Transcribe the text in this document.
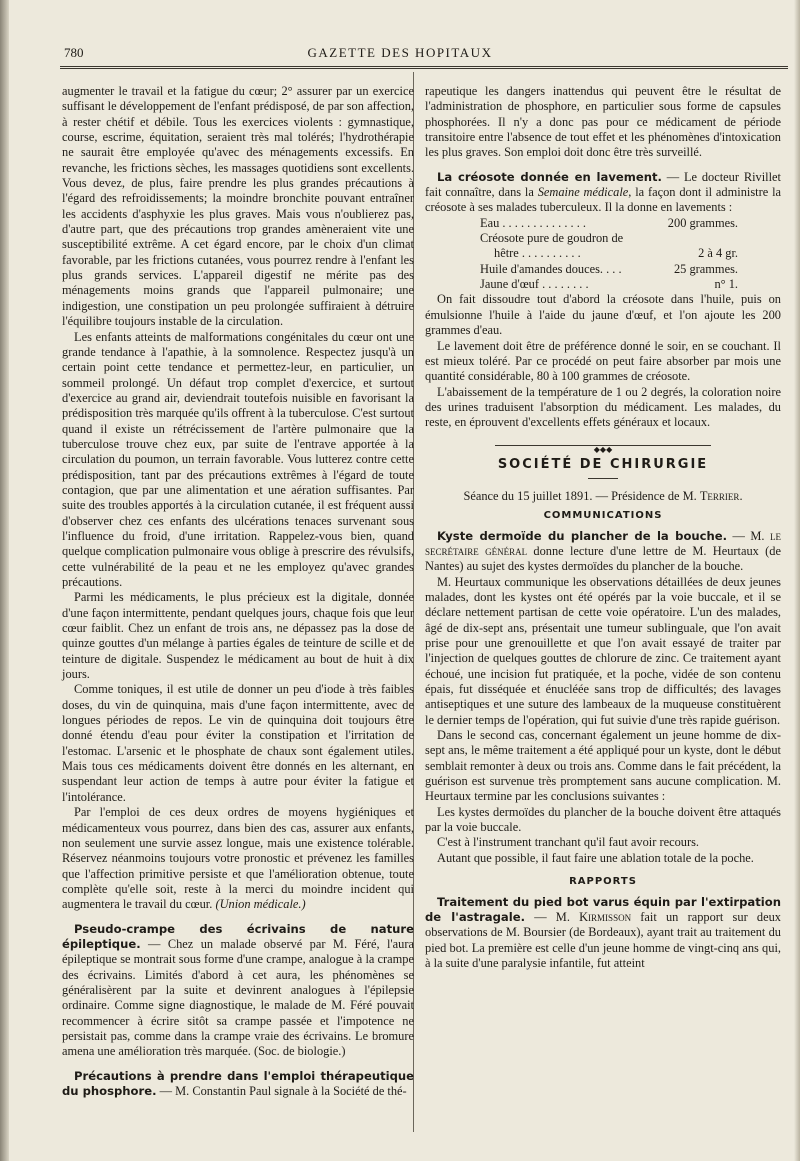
780	GAZETTE DES HOPITAUX

augmenter le travail et la fatigue du cœur; 2° assurer par un exercice suffisant le développement de l'enfant prédisposé, de par son affection, à rester chétif et débile. Tous les exercices violents : gymnastique, course, escrime, équitation, seraient très mal tolérés; l'hydrothérapie ne saurait être employée qu'avec des ménagements excessifs. En revanche, les frictions sèches, les massages quotidiens sont excellents. Vous devez, de plus, faire prendre les plus grandes précautions à l'égard des refroidissements; la moindre bronchite pouvant entraîner les accidents d'asphyxie les plus graves. Mais vous n'oublierez pas, d'autre part, que des précautions trop grandes amèneraient vite une susceptibilité extrême. A cet égard encore, par le choix d'un climat favorable, par les frictions cutanées, vous pourrez rendre à l'enfant les plus grands services. L'appareil digestif ne mérite pas des ménagements moins grands que l'appareil pulmonaire; une indigestion, une constipation un peu prolongée suffiraient à détruire l'équilibre toujours instable de la circulation.

Les enfants atteints de malformations congénitales du cœur ont une grande tendance à l'apathie, à la somnolence. Respectez jusqu'à un certain point cette tendance et permettez-leur, en particulier, un sommeil prolongé. Un défaut trop complet d'exercice, et surtout d'exercice au grand air, deviendrait toutefois nuisible en favorisant la prédisposition très marquée qu'ils offrent à la tuberculose. C'est surtout quand il existe un rétrécissement de l'artère pulmonaire que la tuberculose trouve chez eux, par suite de l'entrave apportée à la circulation du poumon, un terrain favorable. Vous lutterez contre cette prédisposition, tant par des précautions extrêmes à l'égard de toute contagion, que par une alimentation et une aération suffisantes. Par suite des troubles apportés à la circulation cutanée, il est fréquent aussi d'observer chez ces enfants des ulcérations tenaces survenant sous l'influence du froid, d'une irritation. Rappelez-vous bien, quand quelque complication pulmonaire vous oblige à prescrire des révulsifs, cette vulnérabilité de la peau et ne les employez qu'avec grandes précautions.

Parmi les médicaments, le plus précieux est la digitale, donnée d'une façon intermittente, pendant quelques jours, chaque fois que leur cœur faiblit. Chez un enfant de trois ans, ne dépassez pas la dose de quinze gouttes d'un mélange à parties égales de teinture de scille et de teinture de digitale. Suspendez le médicament au bout de huit à dix jours.

Comme toniques, il est utile de donner un peu d'iode à très faibles doses, du vin de quinquina, mais d'une façon intermittente, avec de longues périodes de repos. Le vin de quinquina doit toujours être donné étendu d'eau pour éviter la constipation et l'irritation de l'estomac. L'arsenic et le phosphate de chaux sont également utiles. Mais tous ces médicaments doivent être donnés en les alternant, en suspendant leur action de temps à autre pour éviter la fatigue et l'intolérance.

Par l'emploi de ces deux ordres de moyens hygiéniques et médicamenteux vous pourrez, dans bien des cas, assurer aux enfants, non seulement une survie assez longue, mais une existence tolérable. Réservez néanmoins toujours votre pronostic et prévenez les familles que l'affection primitive persiste et que l'amélioration obtenue, toute complète qu'elle soit, reste à la merci du moindre incident qui augmentera le travail du cœur. (Union médicale.)

Pseudo-crampe des écrivains de nature épileptique. — Chez un malade observé par M. Féré, l'aura épileptique se montrait sous forme d'une crampe, analogue à la crampe des écrivains. Limités d'abord à cet aura, les phénomènes se généralisèrent par la suite et devinrent analogues à l'épilepsie ordinaire. Comme signe diagnostique, le malade de M. Féré pouvait recommencer à écrire sitôt sa crampe passée et l'impotence ne persistait pas, comme dans la crampe vraie des écrivains. Le bromure amena une amélioration très marquée. (Soc. de biologie.)

Précautions à prendre dans l'emploi thérapeutique du phosphore. — M. Constantin Paul signale à la Société de thé-

rapeutique les dangers inattendus qui peuvent être le résultat de l'administration de phosphore, en particulier sous forme de capsules phosphorées. Il n'y a donc pas pour ce médicament de période transitoire entre l'absence de tout effet et les phénomènes d'intoxication les plus graves. Son emploi doit donc être très surveillé.

La créosote donnée en lavement. — Le docteur Rivillet fait connaître, dans la Semaine médicale, la façon dont il administre la créosote à ses malades tuberculeux. Il la donne en lavements :

Eau . . . . . . . . . . . . . .	200 grammes.
Créosote pure de goudron de
hêtre . . . . . . . . . .	2 à 4 gr.
Huile d'amandes douces. . . .	25 grammes.
Jaune d'œuf . . . . . . . .	n° 1.

On fait dissoudre tout d'abord la créosote dans l'huile, puis on émulsionne l'huile à l'aide du jaune d'œuf, et l'on ajoute les 200 grammes d'eau.

Le lavement doit être de préférence donné le soir, en se couchant. Il est mieux toléré. Par ce procédé on peut faire absorber par mois une quantité considérable, 80 à 100 grammes de créosote.

L'abaissement de la température de 1 ou 2 degrés, la coloration noire des urines traduisent l'absorption du médicament. Les malades, du reste, en éprouvent d'excellents effets généraux et locaux.

◆◆◆
SOCIÉTÉ DE CHIRURGIE
Séance du 15 juillet 1891. — Présidence de M. Terrier.
COMMUNICATIONS

Kyste dermoïde du plancher de la bouche. — M. le secrétaire général donne lecture d'une lettre de M. Heurtaux (de Nantes) au sujet des kystes dermoïdes du plancher de la bouche.

M. Heurtaux communique les observations détaillées de deux jeunes malades, dont les kystes ont été opérés par la voie buccale, et il se déclare nettement partisan de cette voie opératoire. L'un des malades, âgé de dix-sept ans, présentait une tumeur sublinguale, que l'on avait prise pour une grenouillette et que l'on avait essayé de traiter par l'injection de quelques gouttes de chlorure de zinc. Ce traitement ayant échoué, une incision fut pratiquée, et la poche, vidée de son contenu épais, fut disséquée et énucléée sans trop de difficultés; des lavages antiseptiques et une suture des lambeaux de la muqueuse constituèrent le dernier temps de l'opération, qui fut suivie d'une très rapide guérison.

Dans le second cas, concernant également un jeune homme de dix-sept ans, le même traitement a été appliqué pour un kyste, dont le début semblait remonter à deux ou trois ans. Comme dans le fait précédent, la guérison est survenue très promptement sans aucune complication. M. Heurtaux termine par les conclusions suivantes :

Les kystes dermoïdes du plancher de la bouche doivent être attaqués par la voie buccale.

C'est à l'instrument tranchant qu'il faut avoir recours.

Autant que possible, il faut faire une ablation totale de la poche.

RAPPORTS

Traitement du pied bot varus équin par l'extirpation de l'astragale. — M. Kirmisson fait un rapport sur deux observations de M. Boursier (de Bordeaux), ayant trait au traitement du pied bot. La première est celle d'un jeune homme de vingt-cinq ans qui, à la suite d'une paralysie infantile, fut atteint
